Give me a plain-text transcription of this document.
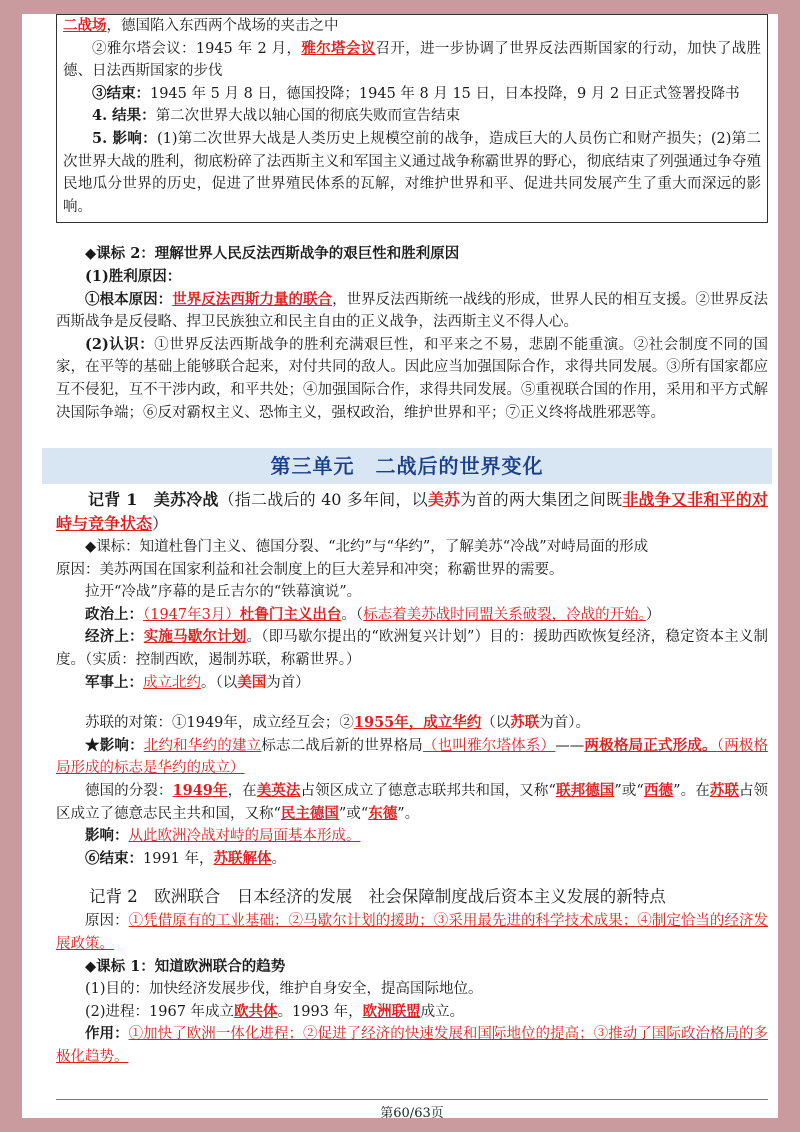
二战场，德国陷入东西两个战场的夹击之中

②雅尔塔会议：1945 年 2 月，雅尔塔会议召开，进一步协调了世界反法西斯国家的行动，加快了战胜德、日法西斯国家的步伐

③结束：1945 年 5 月 8 日，德国投降；1945 年 8 月 15 日，日本投降，9 月 2 日正式签署投降书

4. 结果：第二次世界大战以轴心国的彻底失败而宣告结束

5. 影响：(1)第二次世界大战是人类历史上规模空前的战争，造成巨大的人员伤亡和财产损失；(2)第二次世界大战的胜利，彻底粉碎了法西斯主义和军国主义通过战争称霸世界的野心，彻底结束了列强通过争夺殖民地瓜分世界的历史，促进了世界殖民体系的瓦解，对维护世界和平、促进共同发展产生了重大而深远的影响。

◆课标 2：理解世界人民反法西斯战争的艰巨性和胜利原因

(1)胜利原因：

①根本原因：世界反法西斯力量的联合，世界反法西斯统一战线的形成，世界人民的相互支援。②世界反法西斯战争是反侵略、捍卫民族独立和民主自由的正义战争，法西斯主义不得人心。

(2)认识：①世界反法西斯战争的胜利充满艰巨性，和平来之不易，悲剧不能重演。②社会制度不同的国家，在平等的基础上能够联合起来，对付共同的敌人。因此应当加强国际合作，求得共同发展。③所有国家都应互不侵犯，互不干涉内政，和平共处；④加强国际合作，求得共同发展。⑤重视联合国的作用，采用和平方式解决国际争端；⑥反对霸权主义、恐怖主义，强权政治，维护世界和平；⑦正义终将战胜邪恶等。

第三单元　二战后的世界变化

记背 1　美苏冷战（指二战后的 40 多年间，以美苏为首的两大集团之间既非战争又非和平的对峙与竞争状态）

◆课标：知道杜鲁门主义、德国分裂、“北约”与“华约”，了解美苏“冷战”对峙局面的形成

原因：美苏两国在国家利益和社会制度上的巨大差异和冲突；称霸世界的需要。

拉开“冷战”序幕的是丘吉尔的“铁幕演说”。

政治上：（1947年3月）杜鲁门主义出台。（标志着美苏战时同盟关系破裂，冷战的开始。）

经济上：实施马歇尔计划。（即马歇尔提出的“欧洲复兴计划”）目的：援助西欧恢复经济，稳定资本主义制度。（实质：控制西欧，遏制苏联，称霸世界。）

军事上：成立北约。（以美国为首）

苏联的对策：①1949年，成立经互会；②1955年，成立华约（以苏联为首）。

★影响：北约和华约的建立标志二战后新的世界格局（也叫雅尔塔体系）——两极格局正式形成。（两极格局形成的标志是华约的成立）

德国的分裂：1949年，在美英法占领区成立了德意志联邦共和国，又称“联邦德国”或“西德”。在苏联占领区成立了德意志民主共和国，又称“民主德国”或“东德”。

影响：从此欧洲冷战对峙的局面基本形成。

⑥结束：1991 年，苏联解体。

记背 2　欧洲联合　日本经济的发展　社会保障制度战后资本主义发展的新特点

原因：①凭借原有的工业基础；②马歇尔计划的援助；③采用最先进的科学技术成果；④制定恰当的经济发展政策。

◆课标 1：知道欧洲联合的趋势

(1)目的：加快经济发展步伐，维护自身安全，提高国际地位。

(2)进程：1967 年成立欧共体。1993 年，欧洲联盟成立。

作用：①加快了欧洲一体化进程；②促进了经济的快速发展和国际地位的提高；③推动了国际政治格局的多极化趋势。

第60/63页
